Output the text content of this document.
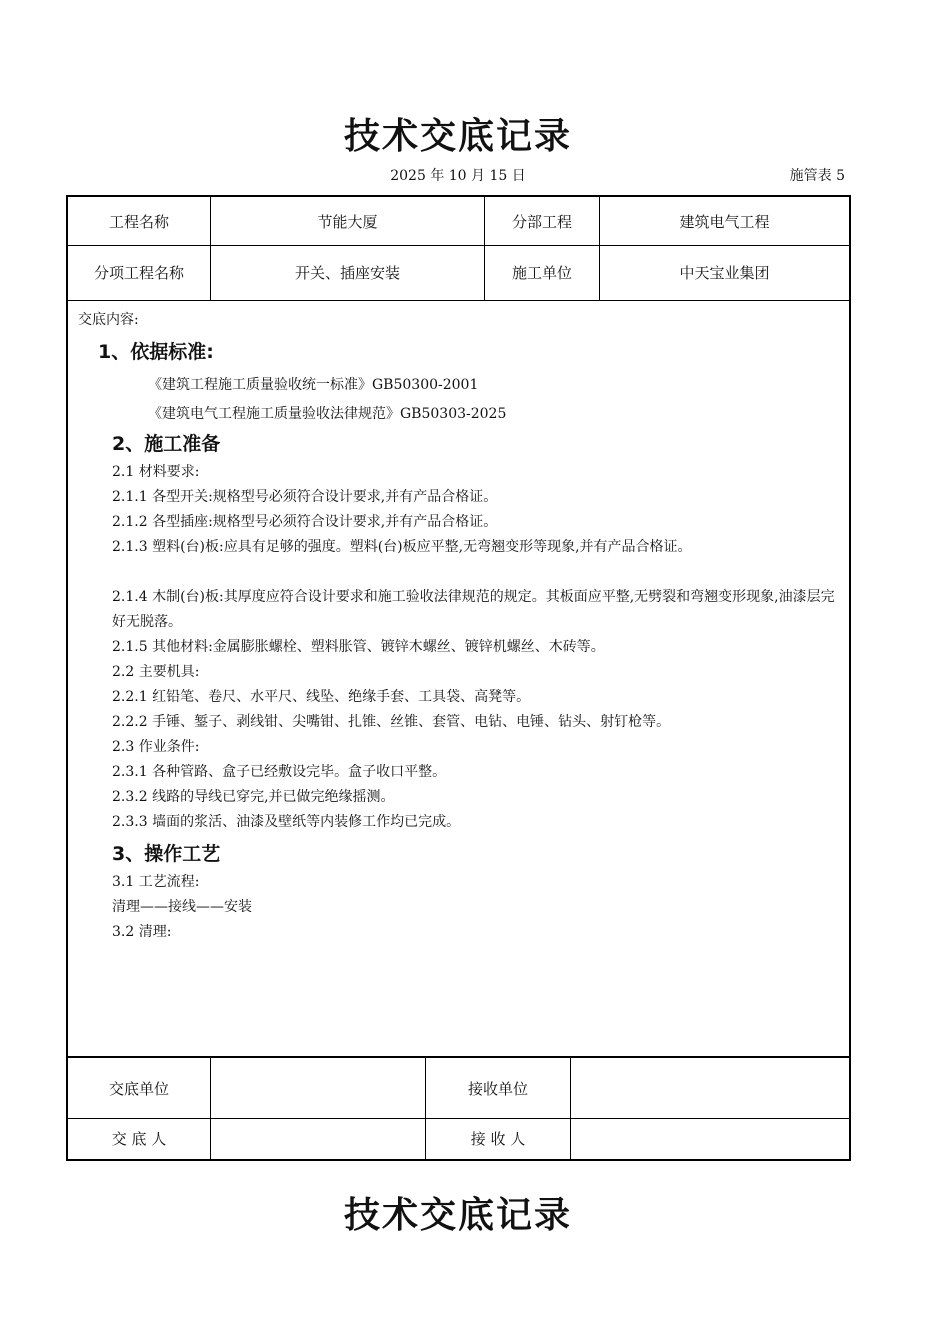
技术交底记录
2025 年 10 月 15 日	施管表 5
工程名称	节能大厦	分部工程	建筑电气工程
分项工程名称	开关、插座安装	施工单位	中天宝业集团
交底内容:
1、依据标准:
《建筑工程施工质量验收统一标准》GB50300-2001
《建筑电气工程施工质量验收法律规范》GB50303-2025
2、施工准备
2.1 材料要求:
2.1.1 各型开关:规格型号必须符合设计要求,并有产品合格证。
2.1.2 各型插座:规格型号必须符合设计要求,并有产品合格证。
2.1.3 塑料(台)板:应具有足够的强度。塑料(台)板应平整,无弯翘变形等现象,并有产品合格证。
2.1.4 木制(台)板:其厚度应符合设计要求和施工验收法律规范的规定。其板面应平整,无劈裂和弯翘变形现象,油漆层完好无脱落。
2.1.5 其他材料:金属膨胀螺栓、塑料胀管、镀锌木螺丝、镀锌机螺丝、木砖等。
2.2 主要机具:
2.2.1 红铅笔、卷尺、水平尺、线坠、绝缘手套、工具袋、高凳等。
2.2.2 手锤、錾子、剥线钳、尖嘴钳、扎锥、丝锥、套管、电钻、电锤、钻头、射钉枪等。
2.3 作业条件:
2.3.1 各种管路、盒子已经敷设完毕。盒子收口平整。
2.3.2 线路的导线已穿完,并已做完绝缘摇测。
2.3.3 墙面的浆活、油漆及壁纸等内装修工作均已完成。
3、操作工艺
3.1 工艺流程:
清理——接线——安装
3.2 清理:
交底单位	接收单位
交 底 人	接 收 人
技术交底记录
